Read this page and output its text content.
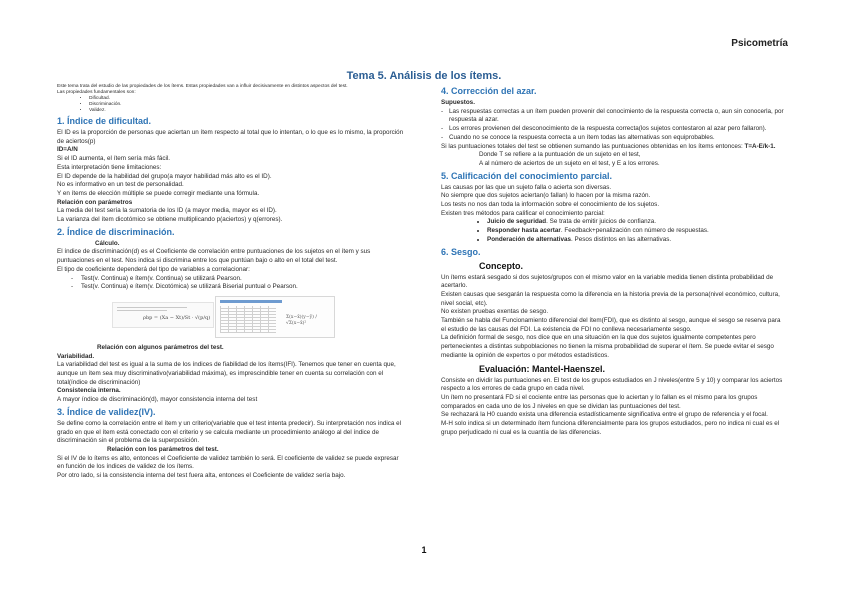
Psicometría
Tema 5. Análisis de los ítems.

Este tema trata del estudio de las propiedades de los ítems. Estas propiedades van a influir decisivamente en distintos aspectos del test.

Las propiedades fundamentales son:

• Dificultad.
• Discriminación.
• Validez.
1. Índice de dificultad.

El ID es la proporción de personas que aciertan un ítem respecto al total que lo intentan, o lo que es lo mismo, la proporción de aciertos(p)

ID=A/N

Si el ID aumenta, el ítem sería más fácil.

Esta interpretación tiene limitaciones:

El ID depende de la habilidad del grupo(a mayor habilidad más alto es el ID).

No es informativo en un test de personalidad.

Y en ítems de elección múltiple se puede corregir mediante una fórmula.

Relación con parámetros

La media del test sería la sumatoria de los ID (a mayor media, mayor es el ID).

La varianza del ítem dicotómico se obtiene multiplicando p(aciertos) y q(errores).

2. Índice de discriminación.

Cálculo.

El índice de discriminación(d) es el Coeficiente de correlación entre puntuaciones de los sujetos en el ítem y sus puntuaciones en el test. Nos indica si discrimina entre los que puntúan bajo o alto en el total del test.

El tipo de coeficiente dependerá del tipo de variables a correlacionar:

- Test(v. Continua) e ítem(v. Continua) se utilizará Pearson.
- Test(v. Continua) e ítem(v. Dicotómica) se utilizará Biserial puntual o Pearson.
ρbp = (Xa − Xt)/St · √(p/q)	Σ(x−x̄)(y−ȳ) / √Σ(x−x̄)²

Relación con algunos parámetros del test.

Variabilidad.

La variabilidad del test es igual a la suma de los índices de fiabilidad de los ítems(IFI). Tenemos que tener en cuenta que, aunque un ítem sea muy discriminativo(variabilidad máxima), es imprescindible tener en cuenta su correlación con el total(índice de discriminación)

Consistencia interna.

A mayor índice de discriminación(d), mayor consistencia interna del test

3. Índice de validez(IV).

Se define como la correlación entre el ítem y un criterio(variable que el test intenta predecir). Su interpretación nos indica el grado en que el ítem está conectado con el criterio y se calcula mediante un procedimiento análogo al del índice de discriminación sin el problema de la superposición.

Relación con los parámetros del test.

Si el IV de lo ítems es alto, entonces el Coeficiente de validez también lo será. El coeficiente de validez se puede expresar en función de los índices de validez de los ítems.

Por otro lado, si la consistencia interna del test fuera alta, entonces el Coeficiente de validez sería bajo.

4. Corrección del azar.

Supuestos.

- Las respuestas correctas a un ítem pueden provenir del conocimiento de la respuesta correcta o, aun sin conocerla, por respuesta al azar.
- Los errores provienen del desconocimiento de la respuesta correcta(los sujetos contestaron al azar pero fallaron).
- Cuando no se conoce la respuesta correcta a un ítem todas las alternativas son equiprobables.

Si las puntuaciones totales del test se obtienen sumando las puntuaciones obtenidas en los ítems entonces: T=A-E/k-1.

Donde T se refiere a la puntuación de un sujeto en el test,

A al número de aciertos de un sujeto en el test, y E a los errores.

5. Calificación del conocimiento parcial.

Las causas por las que un sujeto falla o acierta son diversas.

No siempre que dos sujetos aciertan(o fallan) lo hacen por la misma razón.

Los tests no nos dan toda la información sobre el conocimiento de los sujetos.

Existen tres métodos para calificar el conocimiento parcial:

• Juicio de seguridad. Se trata de emitir juicios de confianza.
• Responder hasta acertar. Feedback+penalización con número de respuestas.
• Ponderación de alternativas. Pesos distintos en las alternativas.
6. Sesgo.

Concepto.

Un ítems estará sesgado si dos sujetos/grupos con el mismo valor en la variable medida tienen distinta probabilidad de acertarlo.

Existen causas que sesgarán la respuesta como la diferencia en la historia previa de la persona(nivel económico, cultura, nivel social, etc).

No existen pruebas exentas de sesgo.

También se habla del Funcionamiento diferencial del ítem(FDI), que es distinto al sesgo, aunque el sesgo se reserva para el estudio de las causas del FDI. La existencia de FDI no conlleva necesariamente sesgo.

La definición formal de sesgo, nos dice que en una situación en la que dos sujetos igualmente competentes pero pertenecientes a distintas subpoblaciones no tienen la misma probabilidad de superar el ítem. Se puede evitar el sesgo mediante la opinión de expertos o por métodos estadísticos.

Evaluación: Mantel-Haenszel.

Consiste en dividir las puntuaciones en. El test de los grupos estudiados en J niveles(entre 5 y 10) y comparar los aciertos respecto a los errores de cada grupo en cada nivel.

Un ítem no presentará FD si el cociente entre las personas que lo aciertan y lo fallan es el mismo para los grupos comparados en cada uno de los J niveles en que se dividan las puntuaciones del test.

Se rechazará la H0 cuando exista una diferencia estadísticamente significativa entre el grupo de referencia y el focal.

M-H solo indica si un determinado ítem funciona diferencialmente para los grupos estudiados, pero no indica ni cual es el grupo perjudicado ni cual es la cuantía de las diferencias.

1
